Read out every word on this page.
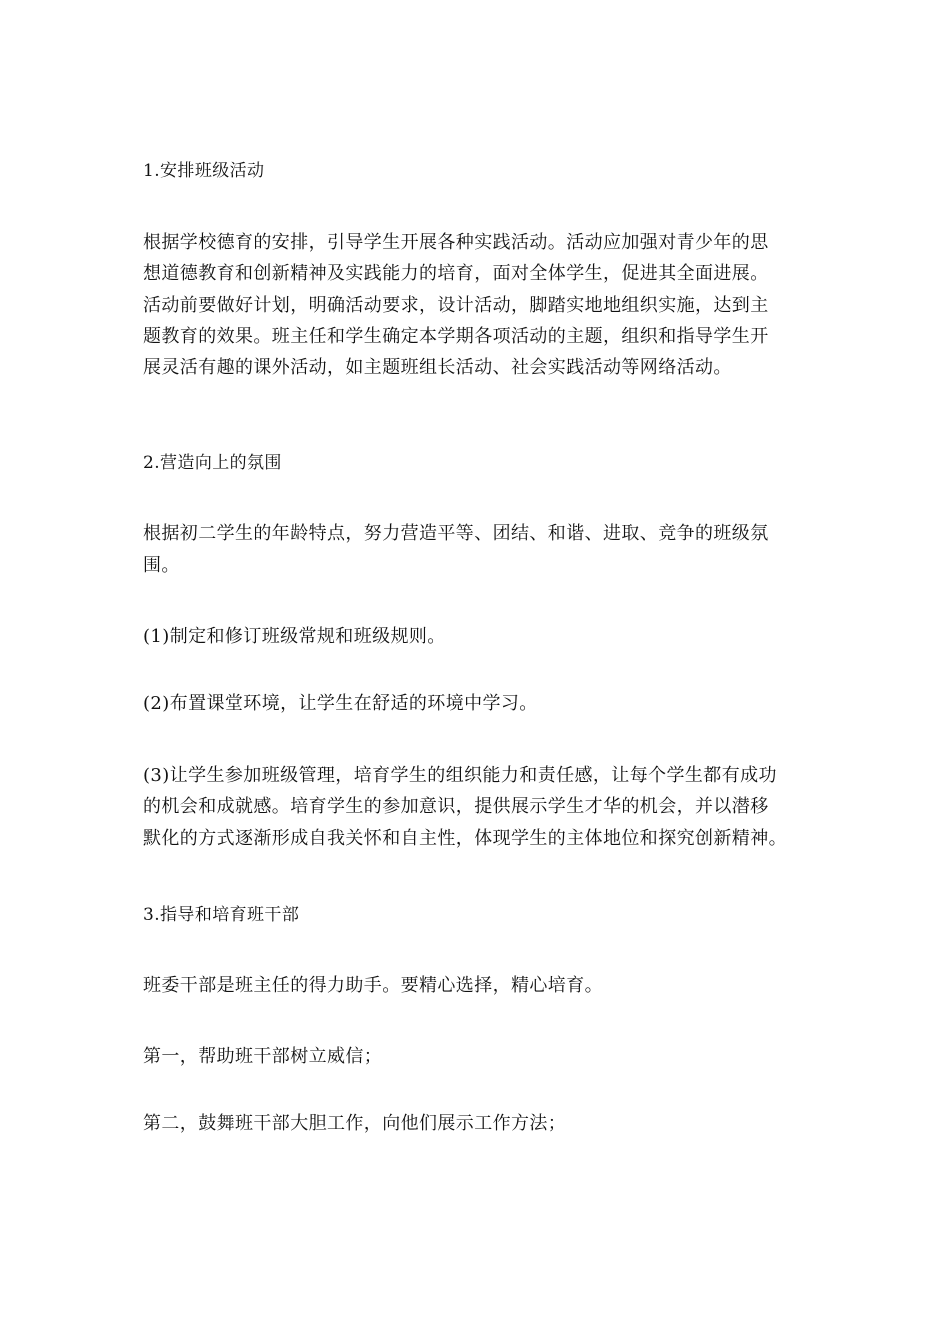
1.安排班级活动
根据学校德育的安排，引导学生开展各种实践活动。活动应加强对青少年的思
想道德教育和创新精神及实践能力的培育，面对全体学生，促进其全面进展。
活动前要做好计划，明确活动要求，设计活动，脚踏实地地组织实施，达到主
题教育的效果。班主任和学生确定本学期各项活动的主题，组织和指导学生开
展灵活有趣的课外活动，如主题班组长活动、社会实践活动等网络活动。
2.营造向上的氛围
根据初二学生的年龄特点，努力营造平等、团结、和谐、进取、竞争的班级氛
围。
(1)制定和修订班级常规和班级规则。
(2)布置课堂环境，让学生在舒适的环境中学习。
(3)让学生参加班级管理，培育学生的组织能力和责任感，让每个学生都有成功
的机会和成就感。培育学生的参加意识，提供展示学生才华的机会，并以潜移
默化的方式逐渐形成自我关怀和自主性，体现学生的主体地位和探究创新精神。
3.指导和培育班干部
班委干部是班主任的得力助手。要精心选择，精心培育。
第一，帮助班干部树立威信；
第二，鼓舞班干部大胆工作，向他们展示工作方法；
